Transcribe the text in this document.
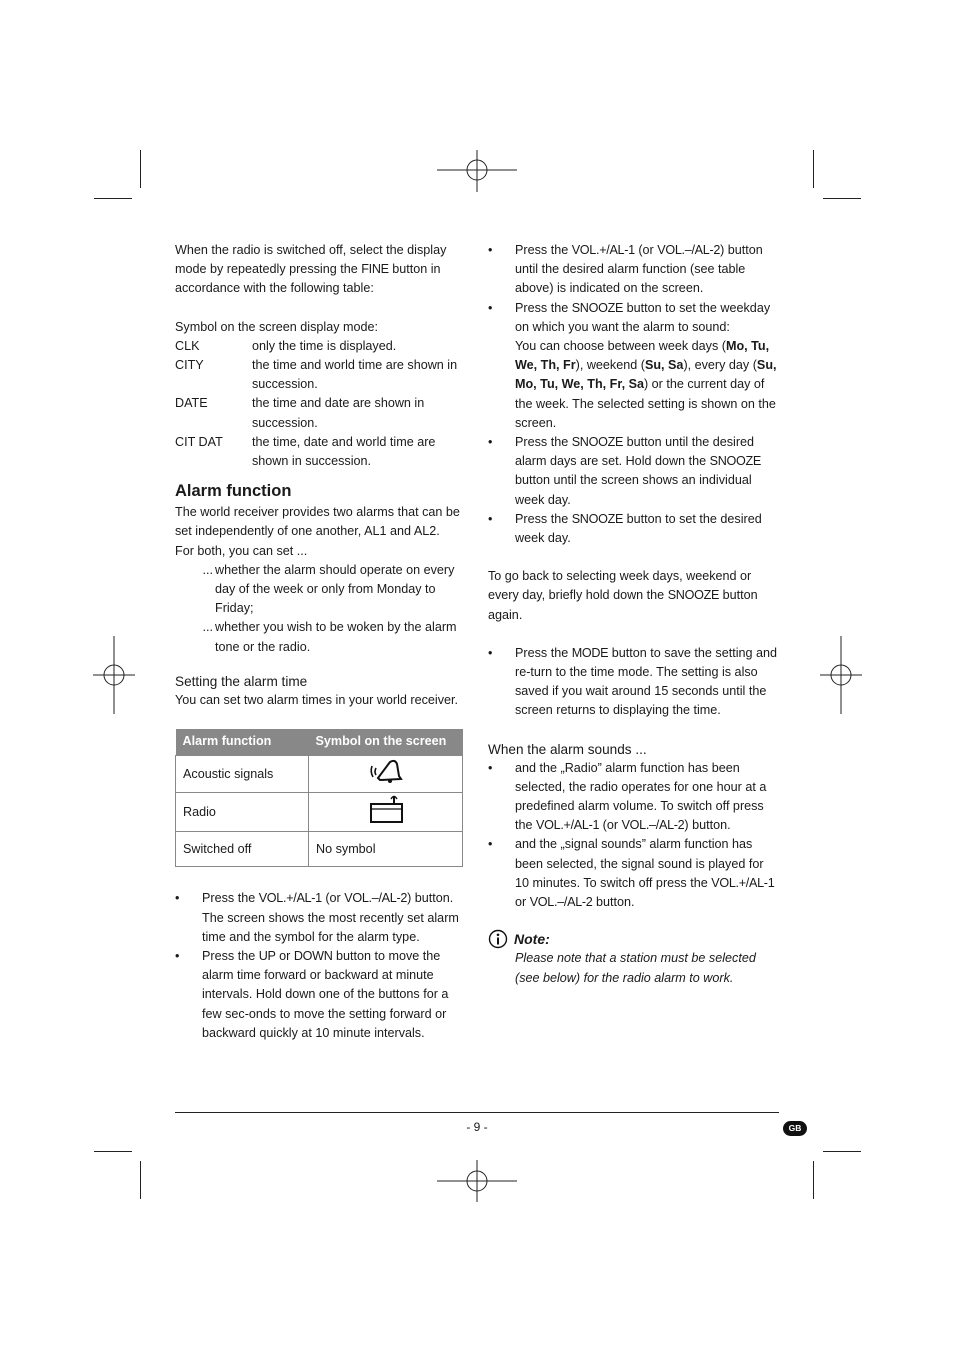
When the radio is switched off, select the display mode by repeatedly pressing the FINE button in accordance with the following table:

Symbol on the screen display mode:

CLK	only the time is displayed.
CITY	the time and world time are shown in succession.
DATE	the time and date are shown in succession.
CIT DAT	the time, date and world time are shown in succession.
Alarm function

The world receiver provides two alarms that can be set independently of one another, AL1 and AL2.

For both, you can set ...

... whether the alarm should operate on every day of the week or only from Monday to Friday;
... whether you wish to be woken by the alarm tone or the radio.
Setting the alarm time

You can set two alarm times in your world receiver.

Alarm function	Symbol on the screen
Acoustic signals	
Radio	
Switched off	No symbol
•	Press the VOL.+/AL-1 (or VOL.–/AL-2) button. The screen shows the most recently set alarm time and the symbol for the alarm type.
•	Press the UP or DOWN button to move the alarm time forward or backward at minute intervals. Hold down one of the buttons for a few sec-onds to move the setting forward or backward quickly at 10 minute intervals.
•	Press the VOL.+/AL-1 (or VOL.–/AL-2) button until the desired alarm function (see table above) is indicated on the screen.
•	Press the SNOOZE button to set the weekday on which you want the alarm to sound:
You can choose between week days (Mo, Tu, We, Th, Fr), weekend (Su, Sa), every day (Su, Mo, Tu, We, Th, Fr, Sa) or the current day of the week. The selected setting is shown on the screen.
•	Press the SNOOZE button until the desired alarm days are set. Hold down the SNOOZE button until the screen shows an individual week day.
•	Press the SNOOZE button to set the desired week day.

To go back to selecting week days, weekend or every day, briefly hold down the SNOOZE button again.

•	Press the MODE button to save the setting and re-turn to the time mode. The setting is also saved if you wait around 15 seconds until the screen returns to displaying the time.
When the alarm sounds ...
•	and the „Radio” alarm function has been selected, the radio operates for one hour at a predefined alarm volume. To switch off press the VOL.+/AL-1 (or VOL.–/AL-2) button.
•	and the „signal sounds” alarm function has been selected, the signal sound is played for 10 minutes. To switch off press the VOL.+/AL-1 or VOL.–/AL-2 button.
Note:

Please note that a station must be selected (see below) for the radio alarm to work.

- 9 -	GB
